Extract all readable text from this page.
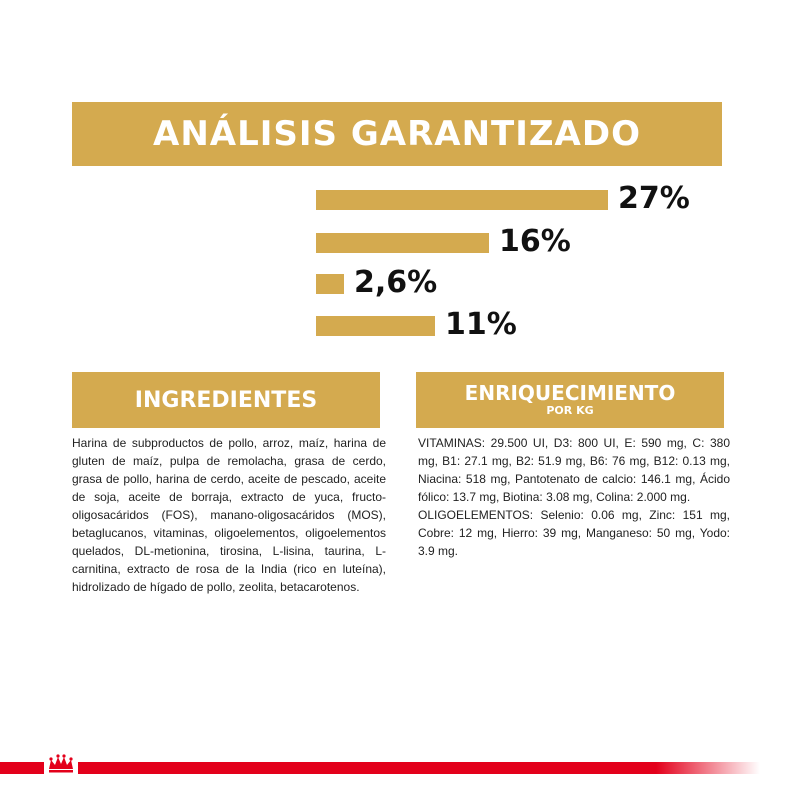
ANÁLISIS GARANTIZADO
27%
16%
2,6%
11%
INGREDIENTES
Harina de subproductos de pollo, arroz, maíz, harina de gluten de maíz, pulpa de remolacha, grasa de cerdo, grasa de pollo, harina de cerdo, aceite de pescado, aceite de soja, aceite de borraja, extracto de yuca, fructo-oligosacáridos (FOS), manano-oligosacáridos (MOS), betaglucanos, vitaminas, oligoelementos, oligoelementos quelados, DL-metionina, tirosina, L-lisina, taurina, L-carnitina, extracto de rosa de la India (rico en luteína), hidrolizado de hígado de pollo, zeolita, betacarotenos.
ENRIQUECIMIENTO
POR KG

VITAMINAS: 29.500 UI, D3: 800 UI, E: 590 mg, C: 380 mg, B1: 27.1 mg, B2: 51.9 mg, B6: 76 mg, B12: 0.13 mg, Niacina: 518 mg, Pantotenato de calcio: 146.1 mg, Ácido fólico: 13.7 mg, Biotina: 3.08 mg, Colina: 2.000 mg.

OLIGOELEMENTOS: Selenio: 0.06 mg, Zinc: 151 mg, Cobre: 12 mg, Hierro: 39 mg, Manganeso: 50 mg, Yodo: 3.9 mg.
